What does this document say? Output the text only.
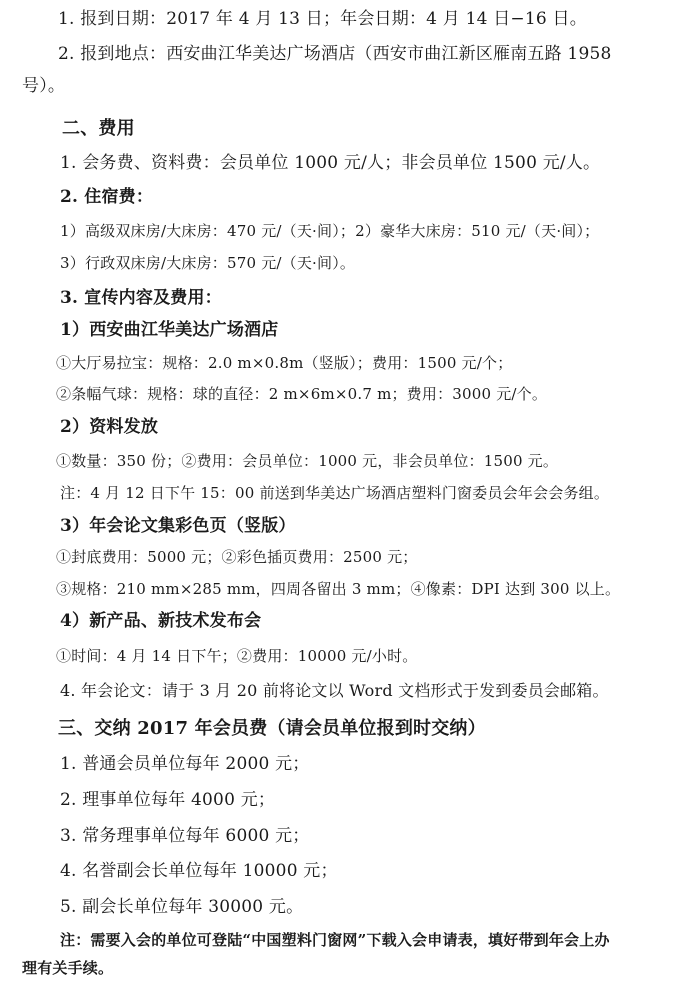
1. 报到日期：2017 年 4 月 13 日；年会日期：4 月 14 日−16 日。
2. 报到地点：西安曲江华美达广场酒店（西安市曲江新区雁南五路 1958
号）。
二、费用
1. 会务费、资料费：会员单位 1000 元/人；非会员单位 1500 元/人。
2. 住宿费：
1）高级双床房/大床房：470 元/（天·间）；2）豪华大床房：510 元/（天·间）；
3）行政双床房/大床房：570 元/（天·间）。
3. 宣传内容及费用：
1）西安曲江华美达广场酒店
①大厅易拉宝：规格：2.0 m×0.8m（竖版）；费用：1500 元/个；
②条幅气球：规格：球的直径：2 m×6m×0.7 m；费用：3000 元/个。
2）资料发放
①数量：350 份；②费用：会员单位：1000 元，非会员单位：1500 元。
注：4 月 12 日下午 15：00 前送到华美达广场酒店塑料门窗委员会年会会务组。
3）年会论文集彩色页（竖版）
①封底费用：5000 元；②彩色插页费用：2500 元；
③规格：210 mm×285 mm，四周各留出 3 mm；④像素：DPI 达到 300 以上。
4）新产品、新技术发布会
①时间：4 月 14 日下午；②费用：10000 元/小时。
4. 年会论文：请于 3 月 20 前将论文以 Word 文档形式于发到委员会邮箱。
三、交纳 2017 年会员费（请会员单位报到时交纳）
1. 普通会员单位每年 2000 元；
2. 理事单位每年 4000 元；
3. 常务理事单位每年 6000 元；
4. 名誉副会长单位每年 10000 元；
5. 副会长单位每年 30000 元。
注：需要入会的单位可登陆“中国塑料门窗网”下载入会申请表，填好带到年会上办
理有关手续。
